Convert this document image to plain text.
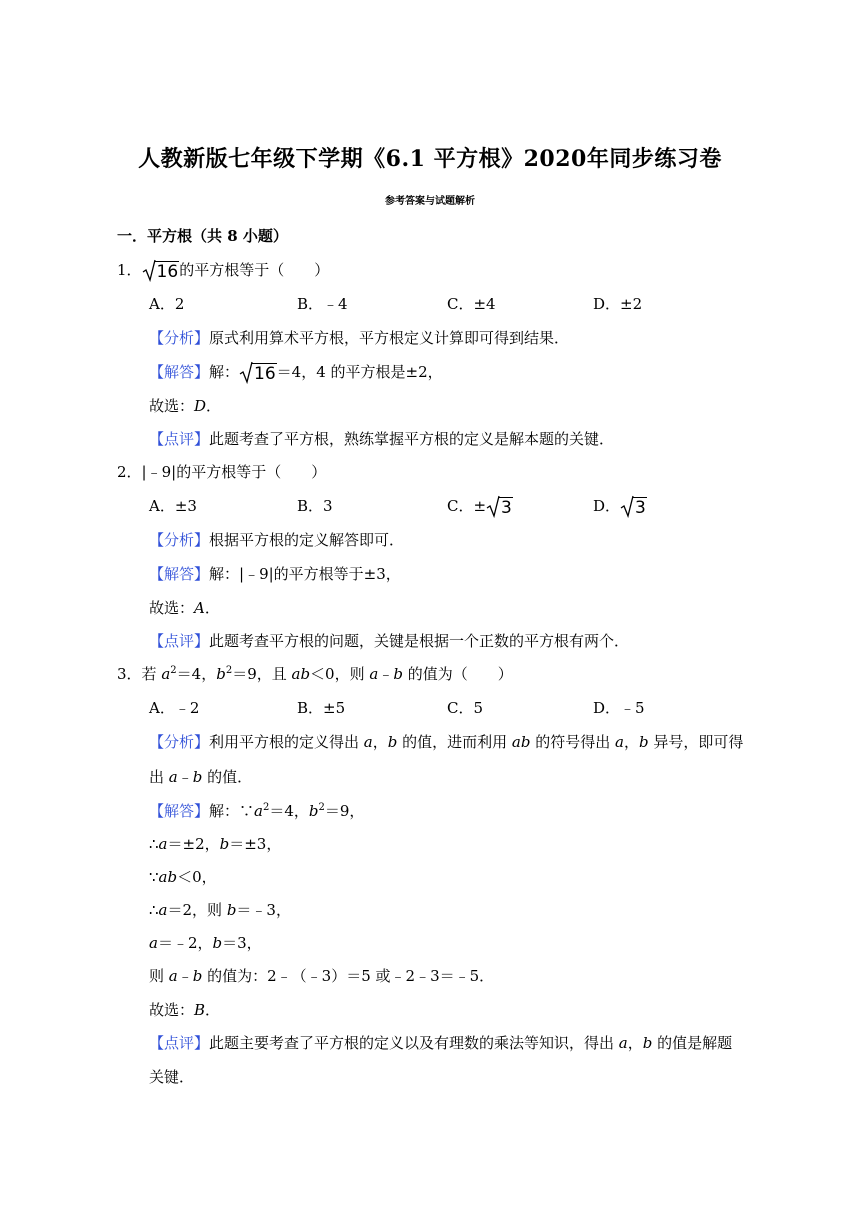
人教新版七年级下学期《6.1 平方根》2020年同步练习卷
参考答案与试题解析
一．平方根（共 8 小题）
1． 16的平方根等于（　　）
A．2	B．﹣4	C．±4	D．±2
【分析】原式利用算术平方根，平方根定义计算即可得到结果．
【解答】解： 16＝4，4 的平方根是±2，
故选：D．
【点评】此题考查了平方根，熟练掌握平方根的定义是解本题的关键．
2．|﹣9|的平方根等于（　　）
A．±3	B．3	C．± 3	D． 3
【分析】根据平方根的定义解答即可．
【解答】解：|﹣9|的平方根等于±3，
故选：A．
【点评】此题考查平方根的问题，关键是根据一个正数的平方根有两个．
3．若 $a^2=4$，$b^2=9$，且 ab＜0，则 a﹣b 的值为（　　）
A．﹣2	B．±5	C．5	D．﹣5
【分析】利用平方根的定义得出 a，b 的值，进而利用 ab 的符号得出 a，b 异号，即可得
出 a﹣b 的值．
【解答】解：$\because a^2=4$，$b^2=9$，
∴a＝±2，b＝±3，
∵ab＜0，
∴a＝2，则 b＝﹣3，
a＝﹣2，b＝3，
则 a﹣b 的值为：2﹣（﹣3）＝5 或﹣2﹣3＝﹣5．
故选：B．
【点评】此题主要考查了平方根的定义以及有理数的乘法等知识，得出 a，b 的值是解题
关键．
